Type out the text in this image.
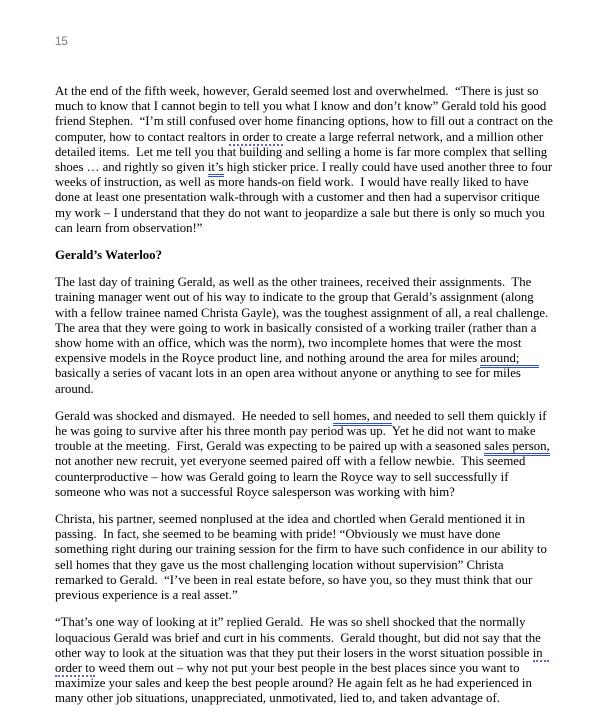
15
At the end of the fifth week, however, Gerald seemed lost and overwhelmed.  “There is just so
much to know that I cannot begin to tell you what I know and don’t know” Gerald told his good
friend Stephen.  “I’m still confused over home financing options, how to fill out a contract on the
computer, how to contact realtors in order to create a large referral network, and a million other
detailed items.  Let me tell you that building and selling a home is far more complex that selling
shoes … and rightly so given it’s high sticker price. I really could have used another three to four
weeks of instruction, as well as more hands-on field work.  I would have really liked to have
done at least one presentation walk-through with a customer and then had a supervisor critique
my work – I understand that they do not want to jeopardize a sale but there is only so much you
can learn from observation!”
Gerald’s Waterloo?
The last day of training Gerald, as well as the other trainees, received their assignments.  The
training manager went out of his way to indicate to the group that Gerald’s assignment (along
with a fellow trainee named Christa Gayle), was the toughest assignment of all, a real challenge.
The area that they were going to work in basically consisted of a working trailer (rather than a
show home with an office, which was the norm), two incomplete homes that were the most
expensive models in the Royce product line, and nothing around the area for miles around;
basically a series of vacant lots in an open area without anyone or anything to see for miles
around.
Gerald was shocked and dismayed.  He needed to sell homes, and needed to sell them quickly if
he was going to survive after his three month pay period was up.  Yet he did not want to make
trouble at the meeting.  First, Gerald was expecting to be paired up with a seasoned sales person,
not another new recruit, yet everyone seemed paired off with a fellow newbie.  This seemed
counterproductive – how was Gerald going to learn the Royce way to sell successfully if
someone who was not a successful Royce salesperson was working with him?
Christa, his partner, seemed nonplused at the idea and chortled when Gerald mentioned it in
passing.  In fact, she seemed to be beaming with pride! “Obviously we must have done
something right during our training session for the firm to have such confidence in our ability to
sell homes that they gave us the most challenging location without supervision” Christa
remarked to Gerald.  “I’ve been in real estate before, so have you, so they must think that our
previous experience is a real asset.”
“That’s one way of looking at it” replied Gerald.  He was so shell shocked that the normally
loquacious Gerald was brief and curt in his comments.  Gerald thought, but did not say that the
other way to look at the situation was that they put their losers in the worst situation possible in
order to weed them out – why not put your best people in the best places since you want to
maximize your sales and keep the best people around? He again felt as he had experienced in
many other job situations, unappreciated, unmotivated, lied to, and taken advantage of.
